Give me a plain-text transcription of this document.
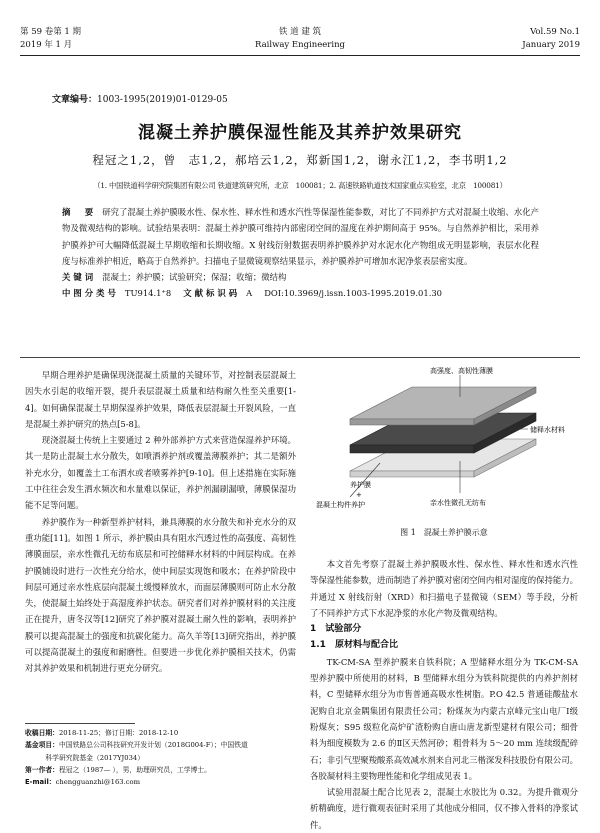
第 59 卷第 1 期
2019 年 1 月
铁 道 建 筑
Railway Engineering
Vol.59 No.1
January 2019
文章编号：1003-1995(2019)01-0129-05
混凝土养护膜保湿性能及其养护效果研究
程冠之1,2，曾　志1,2，郝培云1,2，郑新国1,2，谢永江1,2，李书明1,2
（1. 中国铁道科学研究院集团有限公司 铁道建筑研究所，北京　100081；2. 高速铁路轨道技术国家重点实验室，北京　100081）

摘　要 研究了混凝土养护膜吸水性、保水性、释水性和透水汽性等保湿性能参数，对比了不同养护方式对混凝土收缩、水化产物及微观结构的影响。试验结果表明：混凝土养护膜可维持内部密闭空间的湿度在养护期间高于 95%。与自然养护相比，采用养护膜养护可大幅降低混凝土早期收缩和长期收缩。X 射线衍射数据表明养护膜养护对水泥水化产物组成无明显影响，表层水化程度与标准养护相近，略高于自然养护。扫描电子显微镜观察结果显示，养护膜养护可增加水泥净浆表层密实度。

关键词 混凝土；养护膜；试验研究；保湿；收缩；微结构

中图分类号 TU914.1⁺8 文献标识码 A DOI:10.3969/j.issn.1003-1995.2019.01.30

早期合理养护是确保现浇混凝土质量的关键环节，对控制表层混凝土因失水引起的收缩开裂，提升表层混凝土质量和结构耐久性至关重要[1-4]。如何确保混凝土早期保湿养护效果，降低表层混凝土开裂风险，一直是混凝土养护研究的热点[5-8]。

现浇混凝土传统上主要通过 2 种外部养护方式来营造保湿养护环境。其一是防止混凝土水分散失，如喷洒养护剂或覆盖薄膜养护；其二是额外补充水分，如覆盖土工布洒水或者喷雾养护[9-10]。但上述措施在实际施工中往往会发生洒水频次和水量难以保证，养护剂漏刷漏喷，薄膜保湿功能不足等问题。

养护膜作为一种新型养护材料，兼具薄膜的水分散失和补充水分的双重功能[11]。如图 1 所示，养护膜由具有阻水汽透过性的高强度、高韧性薄膜面层，亲水性微孔无纺布底层和可控储释水材料的中间层构成。在养护膜铺设时进行一次性充分给水，使中间层实现饱和吸水；在养护阶段中间层可通过亲水性底层向混凝土缓慢释放水，而面层薄膜则可防止水分散失，使混凝土始终处于高湿度养护状态。研究者们对养护膜材料的关注度正在提升，唐冬汉等[12]研究了养护膜对混凝土耐久性的影响，表明养护膜可以提高混凝土的强度和抗碳化能力。高久羊等[13]研究指出，养护膜可以提高混凝土的强度和耐磨性。但要进一步优化养护膜相关技术，仍需对其养护效果和机制进行更充分研究。

高强度、高韧性薄膜
储释水材料
养护膜
+
混凝土构件养护	亲水性微孔无纺布
图 1　混凝土养护膜示意

本文首先考察了混凝土养护膜吸水性、保水性、释水性和透水汽性等保湿性能参数，进而制造了养护膜对密闭空间内相对湿度的保持能力。并通过 X 射线衍射（XRD）和扫描电子显微镜（SEM）等手段，分析了不同养护方式下水泥净浆的水化产物及微观结构。

1　试验部分

1.1　原材料与配合比

TK-CM-SA 型养护膜来自铁科院；A 型储释水组分为 TK-CM-SA 型养护膜中所使用的材料，B 型储释水组分为铁科院提供的内养护剂材料，C 型储释水组分为市售普通高吸水性树脂。P.O 42.5 普通硅酸盐水泥购自北京金隅集团有限责任公司；粉煤灰为内蒙古京峰元宝山电厂Ⅰ级粉煤灰；S95 级粒化高炉矿渣粉购自唐山唐龙新型建材有限公司；细骨料为细度模数为 2.6 的Ⅱ区天然河砂；粗骨料为 5～20 mm 连续级配碎石；非引气型聚羧酸系高效减水剂来自河北三楷深发科技股份有限公司。各胶凝材料主要物理性能和化学组成见表 1。

试验用混凝土配合比见表 2，混凝土水胶比为 0.32。为提升微观分析精确度，进行微观表征时采用了其他成分相同，仅不掺入骨料的净浆试件。

收稿日期：2018-11-25；修订日期：2018-12-10

基金项目：中国铁路总公司科技研究开发计划（2018G004-F）；中国铁道

科学研究院基金（2017YJ034）

第一作者：程冠之（1987— ），男，助理研究员，工学博士。

E-mail：chengguanzhi@163.com
